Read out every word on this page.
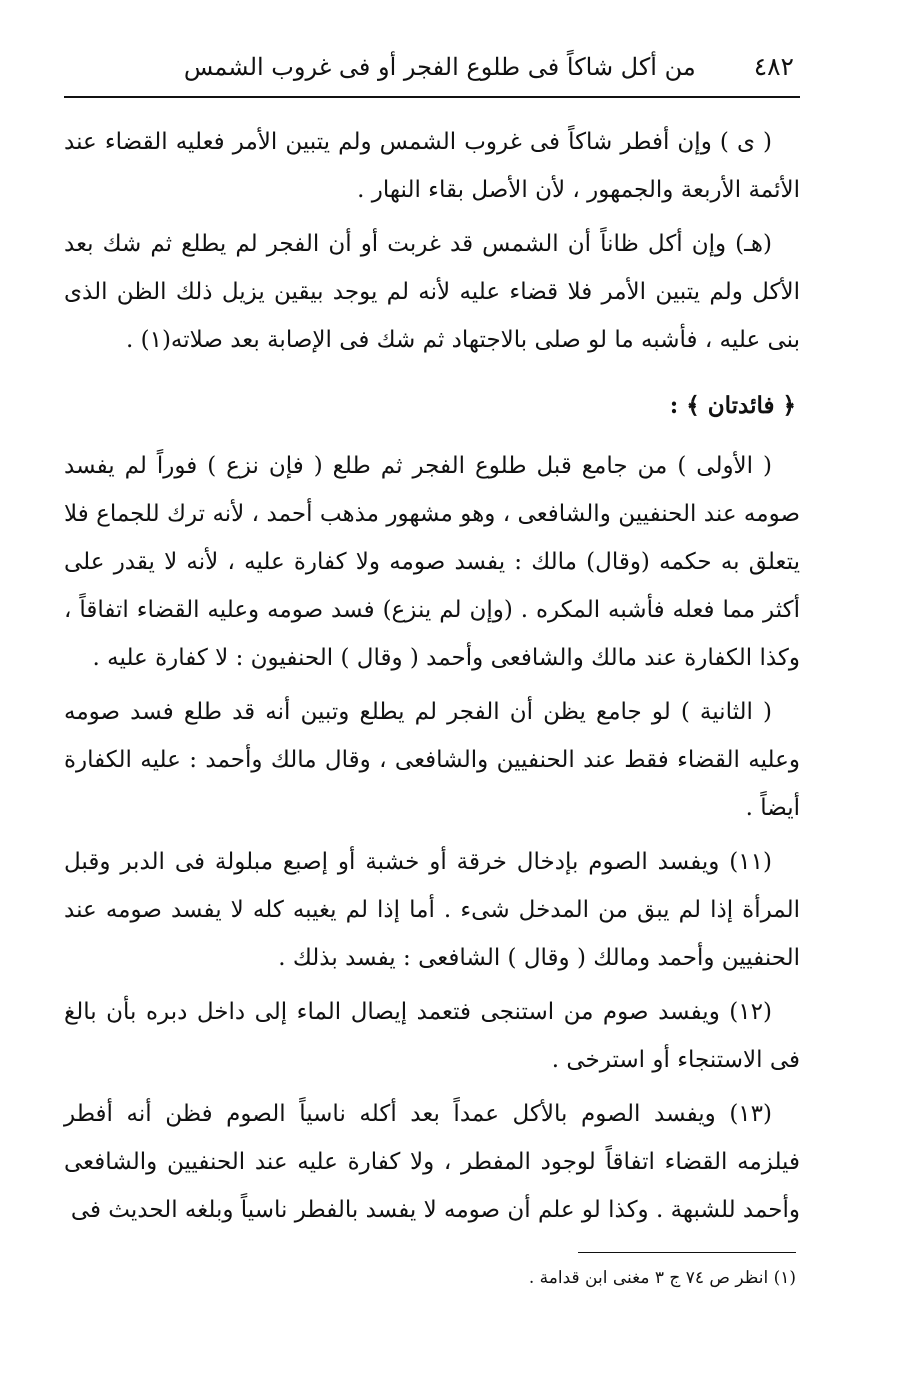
٤٨٢
من أكل شاكاً فى طلوع الفجر أو فى غروب الشمس

( ى ) وإن أفطر شاكاً فى غروب الشمس ولم يتبين الأمر فعليه القضاء عند الأئمة الأربعة والجمهور ، لأن الأصل بقاء النهار .

(هـ) وإن أكل ظاناً أن الشمس قد غربت أو أن الفجر لم يطلع ثم شك بعد الأكل ولم يتبين الأمر فلا قضاء عليه لأنه لم يوجد بيقين يزيل ذلك الظن الذى بنى عليه ، فأشبه ما لو صلى بالاجتهاد ثم شك فى الإصابة بعد صلاته(١) .

﴿ فائدتان ﴾ :

( الأولى ) من جامع قبل طلوع الفجر ثم طلع ( فإن نزع ) فوراً لم يفسد صومه عند الحنفيين والشافعى ، وهو مشهور مذهب أحمد ، لأنه ترك للجماع فلا يتعلق به حكمه (وقال) مالك : يفسد صومه ولا كفارة عليه ، لأنه لا يقدر على أكثر مما فعله فأشبه المكره . (وإن لم ينزع) فسد صومه وعليه القضاء اتفاقاً ، وكذا الكفارة عند مالك والشافعى وأحمد ( وقال ) الحنفيون : لا كفارة عليه .

( الثانية ) لو جامع يظن أن الفجر لم يطلع وتبين أنه قد طلع فسد صومه وعليه القضاء فقط عند الحنفيين والشافعى ، وقال مالك وأحمد : عليه الكفارة أيضاً .

(١١) ويفسد الصوم بإدخال خرقة أو خشبة أو إصبع مبلولة فى الدبر وقبل المرأة إذا لم يبق من المدخل شىء . أما إذا لم يغيبه كله لا يفسد صومه عند الحنفيين وأحمد ومالك ( وقال ) الشافعى : يفسد بذلك .

(١٢) ويفسد صوم من استنجى فتعمد إيصال الماء إلى داخل دبره بأن بالغ فى الاستنجاء أو استرخى .

(١٣) ويفسد الصوم بالأكل عمداً بعد أكله ناسياً الصوم فظن أنه أفطر فيلزمه القضاء اتفاقاً لوجود المفطر ، ولا كفارة عليه عند الحنفيين والشافعى وأحمد للشبهة . وكذا لو علم أن صومه لا يفسد بالفطر ناسياً وبلغه الحديث فى

(١) انظر ص ٧٤ ج ٣ مغنى ابن قدامة .
